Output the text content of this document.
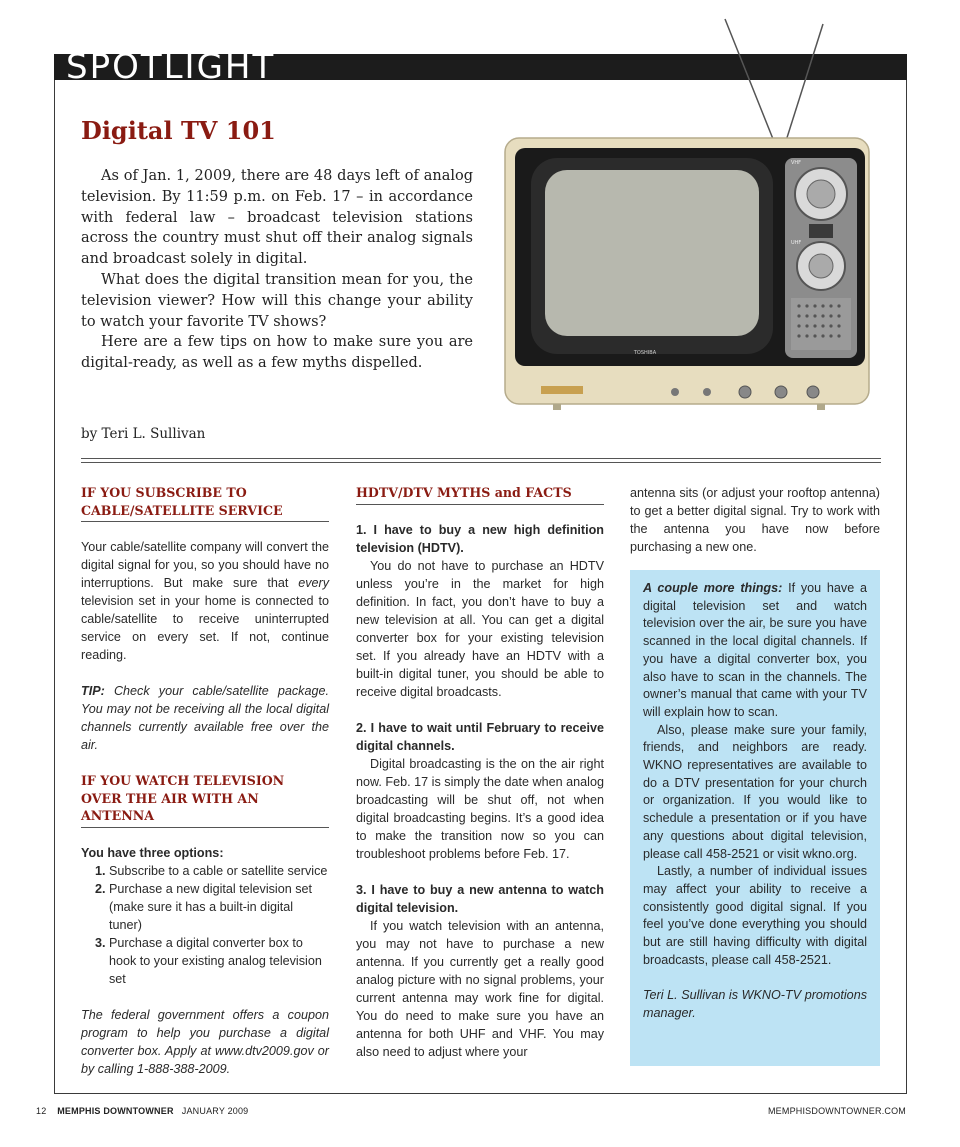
SPOTLIGHT
Digital TV 101

As of Jan. 1, 2009, there are 48 days left of analog television. By 11:59 p.m. on Feb. 17 – in accordance with federal law – broadcast television stations across the country must shut off their analog signals and broadcast solely in digital.

What does the digital transition mean for you, the television viewer? How will this change your ability to watch your favorite TV shows?

Here are a few tips on how to make sure you are digital-ready, as well as a few myths dispelled.

by Teri L. Sullivan
TOSHIBA
VHF
UHF
IF YOU SUBSCRIBE TO CABLE/SATELLITE SERVICE

Your cable/satellite company will convert the digital signal for you, so you should have no interruptions. But make sure that every television set in your home is connected to cable/satellite to receive uninterrupted service on every set. If not, continue reading.

TIP: Check your cable/satellite package. You may not be receiving all the local digital channels currently available free over the air.

IF YOU WATCH TELEVISION OVER THE AIR WITH AN ANTENNA

You have three options:

1. Subscribe to a cable or satellite service
2. Purchase a new digital television set (make sure it has a built-in digital tuner)
3. Purchase a digital converter box to hook to your existing analog television set

The federal government offers a coupon program to help you purchase a digital converter box. Apply at www.dtv2009.gov or by calling 1-888-388-2009.

HDTV/DTV MYTHS and FACTS

1. I have to buy a new high definition television (HDTV).

You do not have to purchase an HDTV unless you’re in the market for high definition. In fact, you don’t have to buy a new television at all. You can get a digital converter box for your existing television set. If you already have an HDTV with a built-in digital tuner, you should be able to receive digital broadcasts.

2. I have to wait until February to receive digital channels.

Digital broadcasting is the on the air right now. Feb. 17 is simply the date when analog broadcasting will be shut off, not when digital broadcasting begins. It’s a good idea to make the transition now so you can troubleshoot problems before Feb. 17.

3. I have to buy a new antenna to watch digital television.

If you watch television with an antenna, you may not have to purchase a new antenna. If you currently get a really good analog picture with no signal problems, your current antenna may work fine for digital. You do need to make sure you have an antenna for both UHF and VHF. You may also need to adjust where your

antenna sits (or adjust your rooftop antenna) to get a better digital signal. Try to work with the antenna you have now before purchasing a new one.

A couple more things: If you have a digital television set and watch television over the air, be sure you have scanned in the local digital channels. If you have a digital converter box, you also have to scan in the channels. The owner’s manual that came with your TV will explain how to scan.

Also, please make sure your family, friends, and neighbors are ready. WKNO representatives are available to do a DTV presentation for your church or organization. If you would like to schedule a presentation or if you have any questions about digital television, please call 458-2521 or visit wkno.org.

Lastly, a number of individual issues may affect your ability to receive a consistently good digital signal. If you feel you’ve done everything you should but are still having difficulty with digital broadcasts, please call 458-2521.

Teri L. Sullivan is WKNO-TV promotions manager.

12 MEMPHIS DOWNTOWNER JANUARY 2009	MEMPHISDOWNTOWNER.COM
